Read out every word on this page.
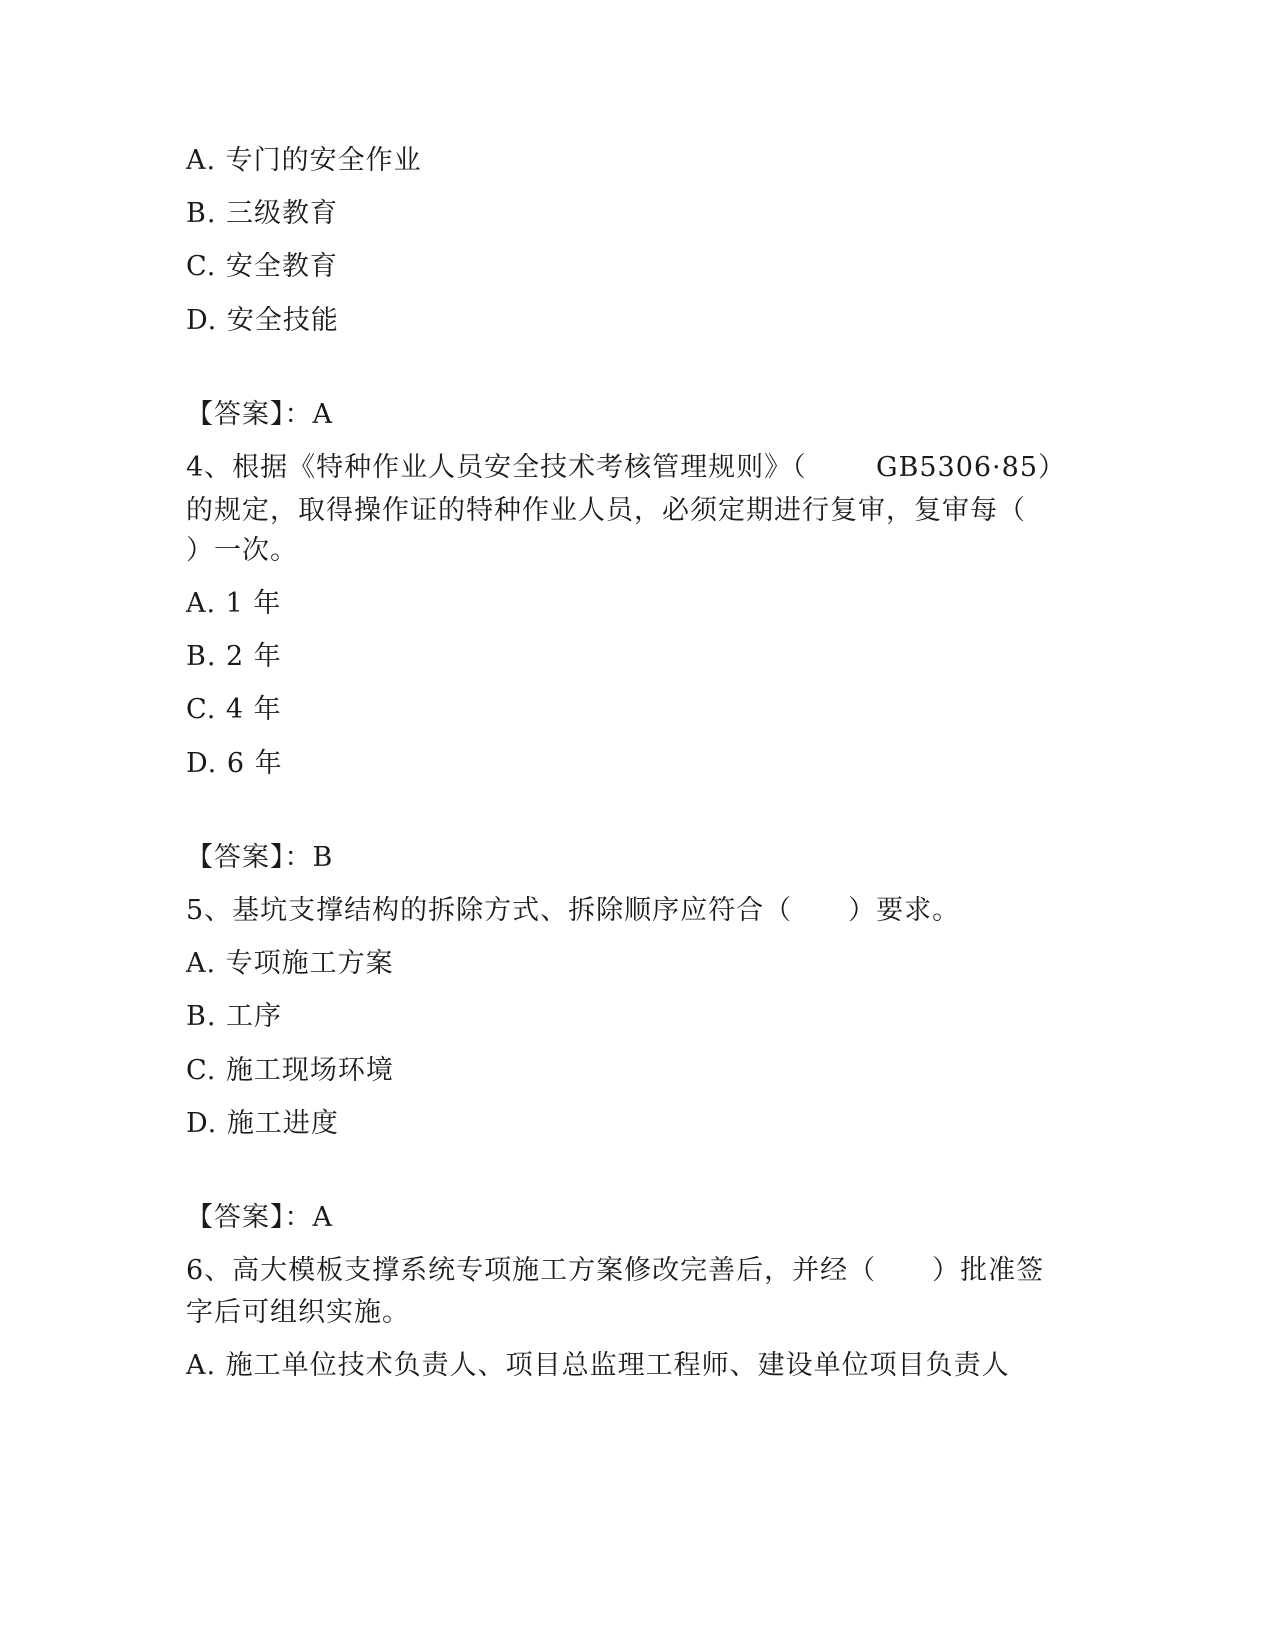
A. 专门的安全作业
B. 三级教育
C. 安全教育
D. 安全技能
【答案】：A
4、根据《特种作业人员安全技术考核管理规则》（	GB5306·85）
的规定，取得操作证的特种作业人员，必须定期进行复审，复审每（
）一次。
A. 1 年
B. 2 年
C. 4 年
D. 6 年
【答案】：B
5、基坑支撑结构的拆除方式、拆除顺序应符合（　　）要求。
A. 专项施工方案
B. 工序
C. 施工现场环境
D. 施工进度
【答案】：A
6、高大模板支撑系统专项施工方案修改完善后，并经（　　）批准签
字后可组织实施。
A. 施工单位技术负责人、项目总监理工程师、建设单位项目负责人
